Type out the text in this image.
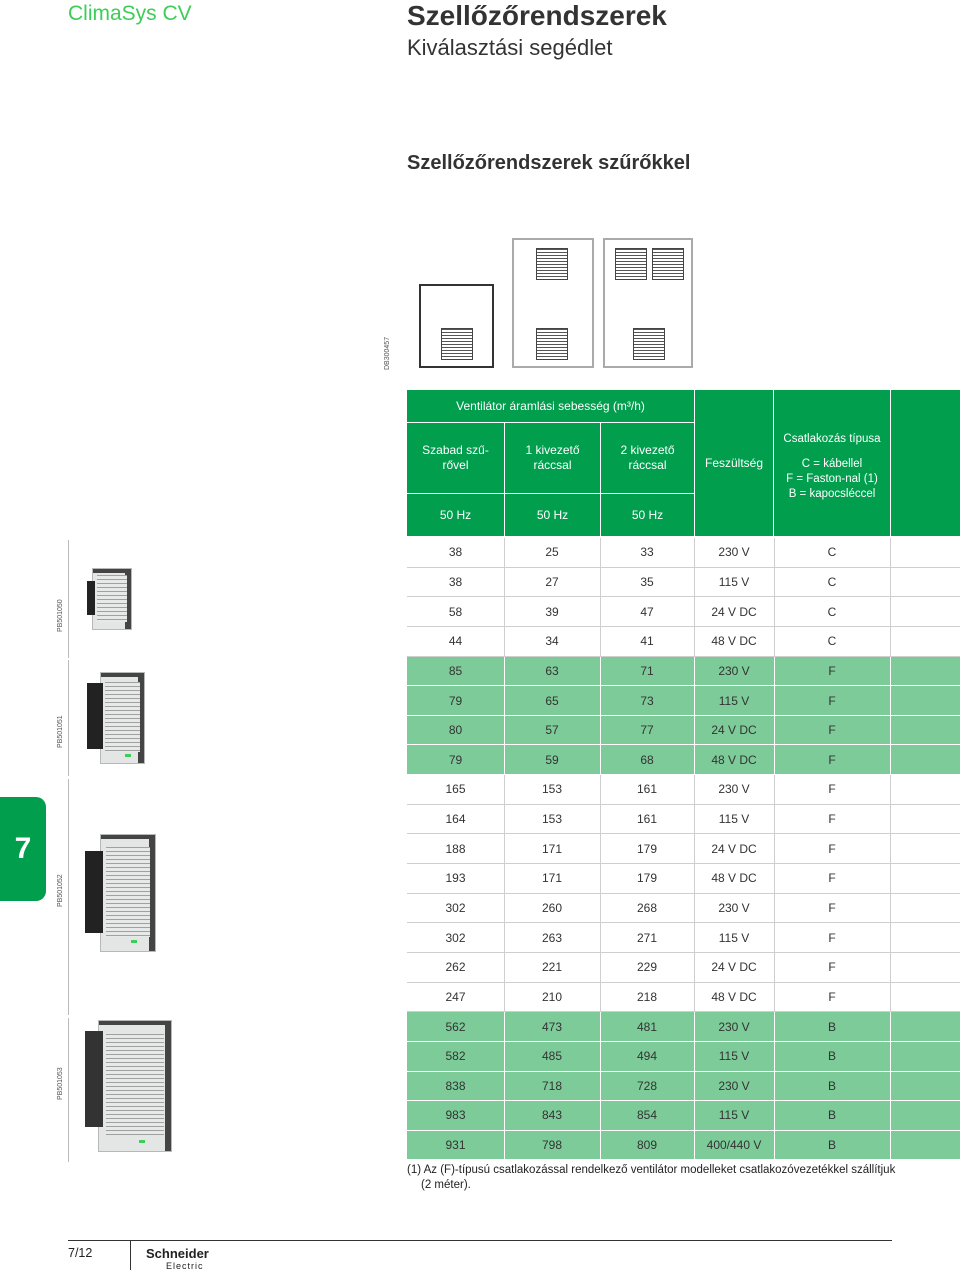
ClimaSys CV	Szellőzőrendszerek
Kiválasztási segédlet
Szellőzőrendszerek szűrőkkel
DB300457
Ventilátor áramlási sebesség (m³/h)
Szabad szű-
rővel
1 kivezető
ráccsal
2 kivezető
ráccsal	Feszültség
Csatlakozás típusa
C = kábellel
F = Faston-nal (1)
B = kapocsléccel
50 Hz	50 Hz	50 Hz
38	25	33	230 V	C
38	27	35	115 V	C
58	39	47	24 V DC	C
44	34	41	48 V DC	C
85	63	71	230 V	F
79	65	73	115 V	F
80	57	77	24 V DC	F
79	59	68	48 V DC	F
165	153	161	230 V	F
164	153	161	115 V	F
188	171	179	24 V DC	F
193	171	179	48 V DC	F
302	260	268	230 V	F
302	263	271	115 V	F
262	221	229	24 V DC	F
247	210	218	48 V DC	F
562	473	481	230 V	B
582	485	494	115 V	B
838	718	728	230 V	B
983	843	854	115 V	B
931	798	809	400/440 V	B
PB501050
PB501051
PB501052
PB501053
7
(1) Az (F)-típusú csatlakozással rendelkező ventilátor modelleket csatlakozóvezetékkel szállítjuk
(2 méter).
7/12	Schneider
Electric
